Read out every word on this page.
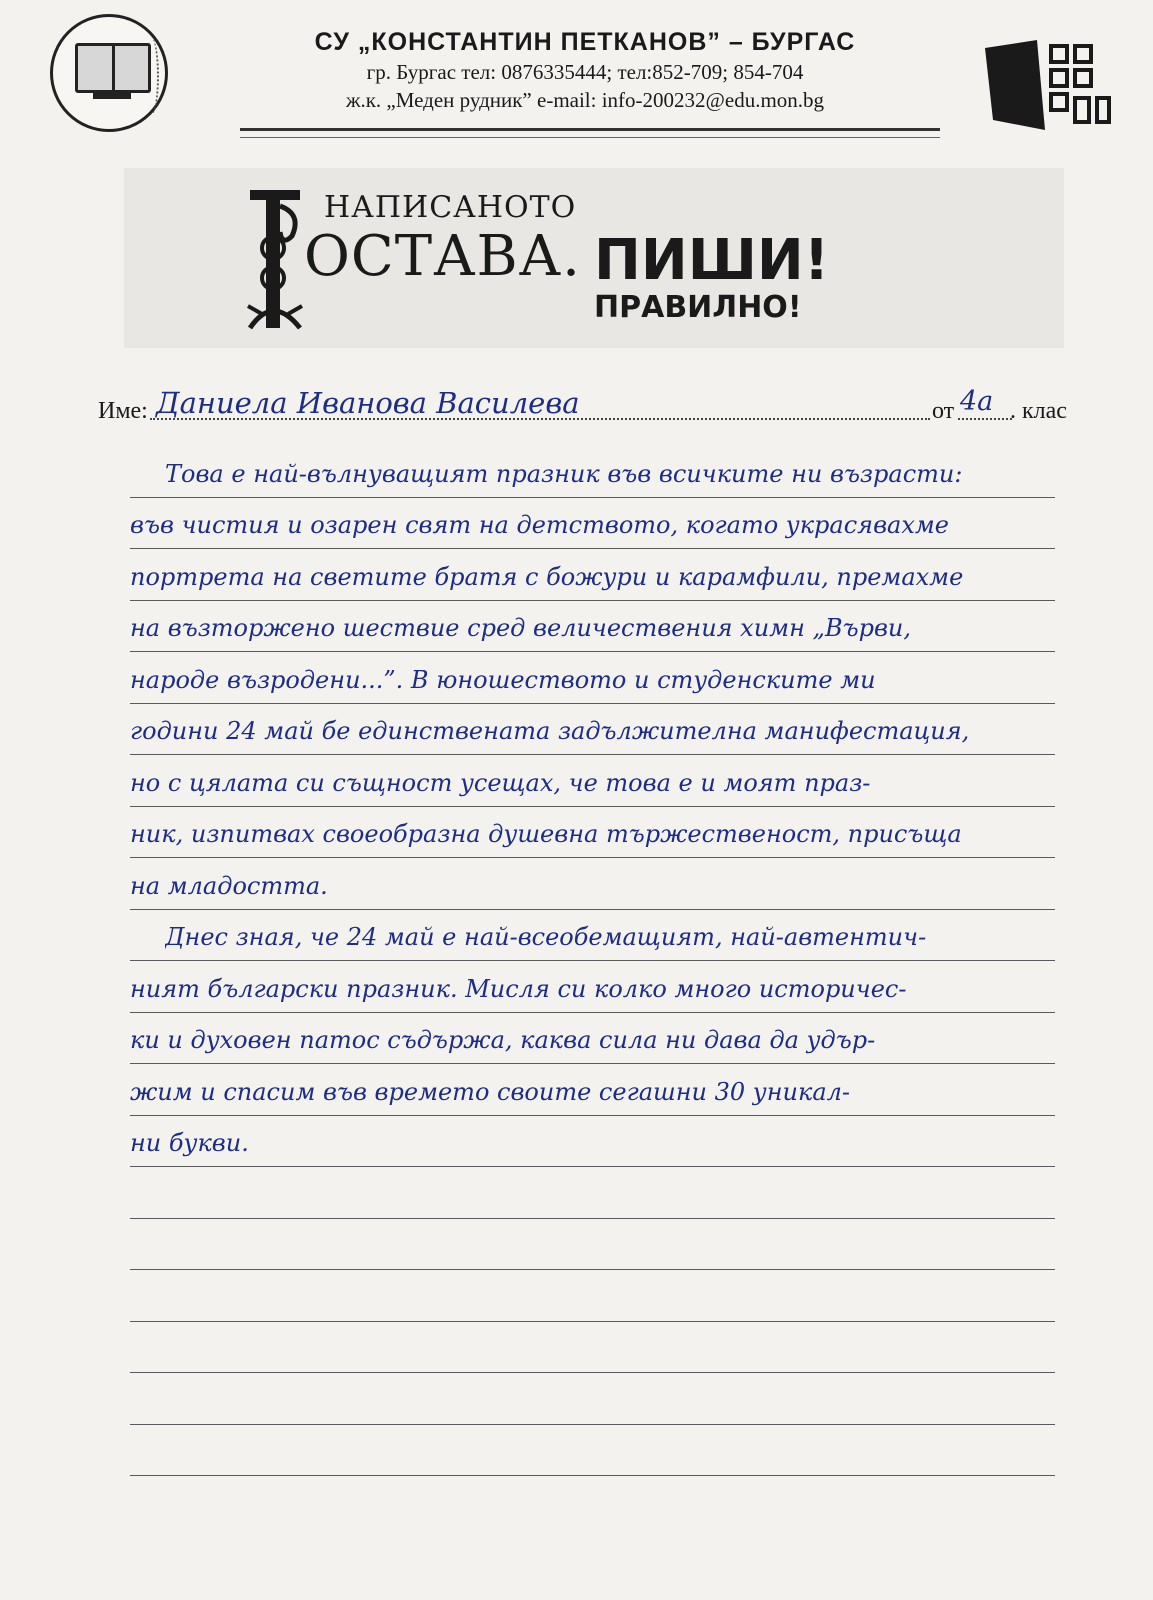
СУ „КОНСТАНТИН ПЕТКАНОВ” – БУРГАС
гр. Бургас тел: 0876335444; тел:852-709; 854-704
ж.к. „Меден рудник” e-mail: info-200232@edu.mon.bg
НАПИСАНОТО
ОСТАВА. ПИШИ!
ПРАВИЛНО!
Име: Даниела Иванова Василева	от 4а . клас
Това е най-вълнуващият празник във всичките ни възрасти:
във чистия и озарен свят на детството, когато украсявахме
портрета на светите братя с божури и карамфили, премахме
на възторжено шествие сред величествения химн „Върви,
народе възродени...”. В юношеството и студенските ми
години 24 май бе единствената задължителна манифестация,
но с цялата си същност усещах, че това е и моят праз-
ник, изпитвах своеобразна душевна тържественост, присъща
на младостта.
Днес зная, че 24 май е най-всеобемащият, най-автентич-
ният български празник. Мисля си колко много историчес-
ки и духовен патос съдържа, каква сила ни дава да удър-
жим и спасим във времето своите сегашни 30 уникал-
ни букви.
